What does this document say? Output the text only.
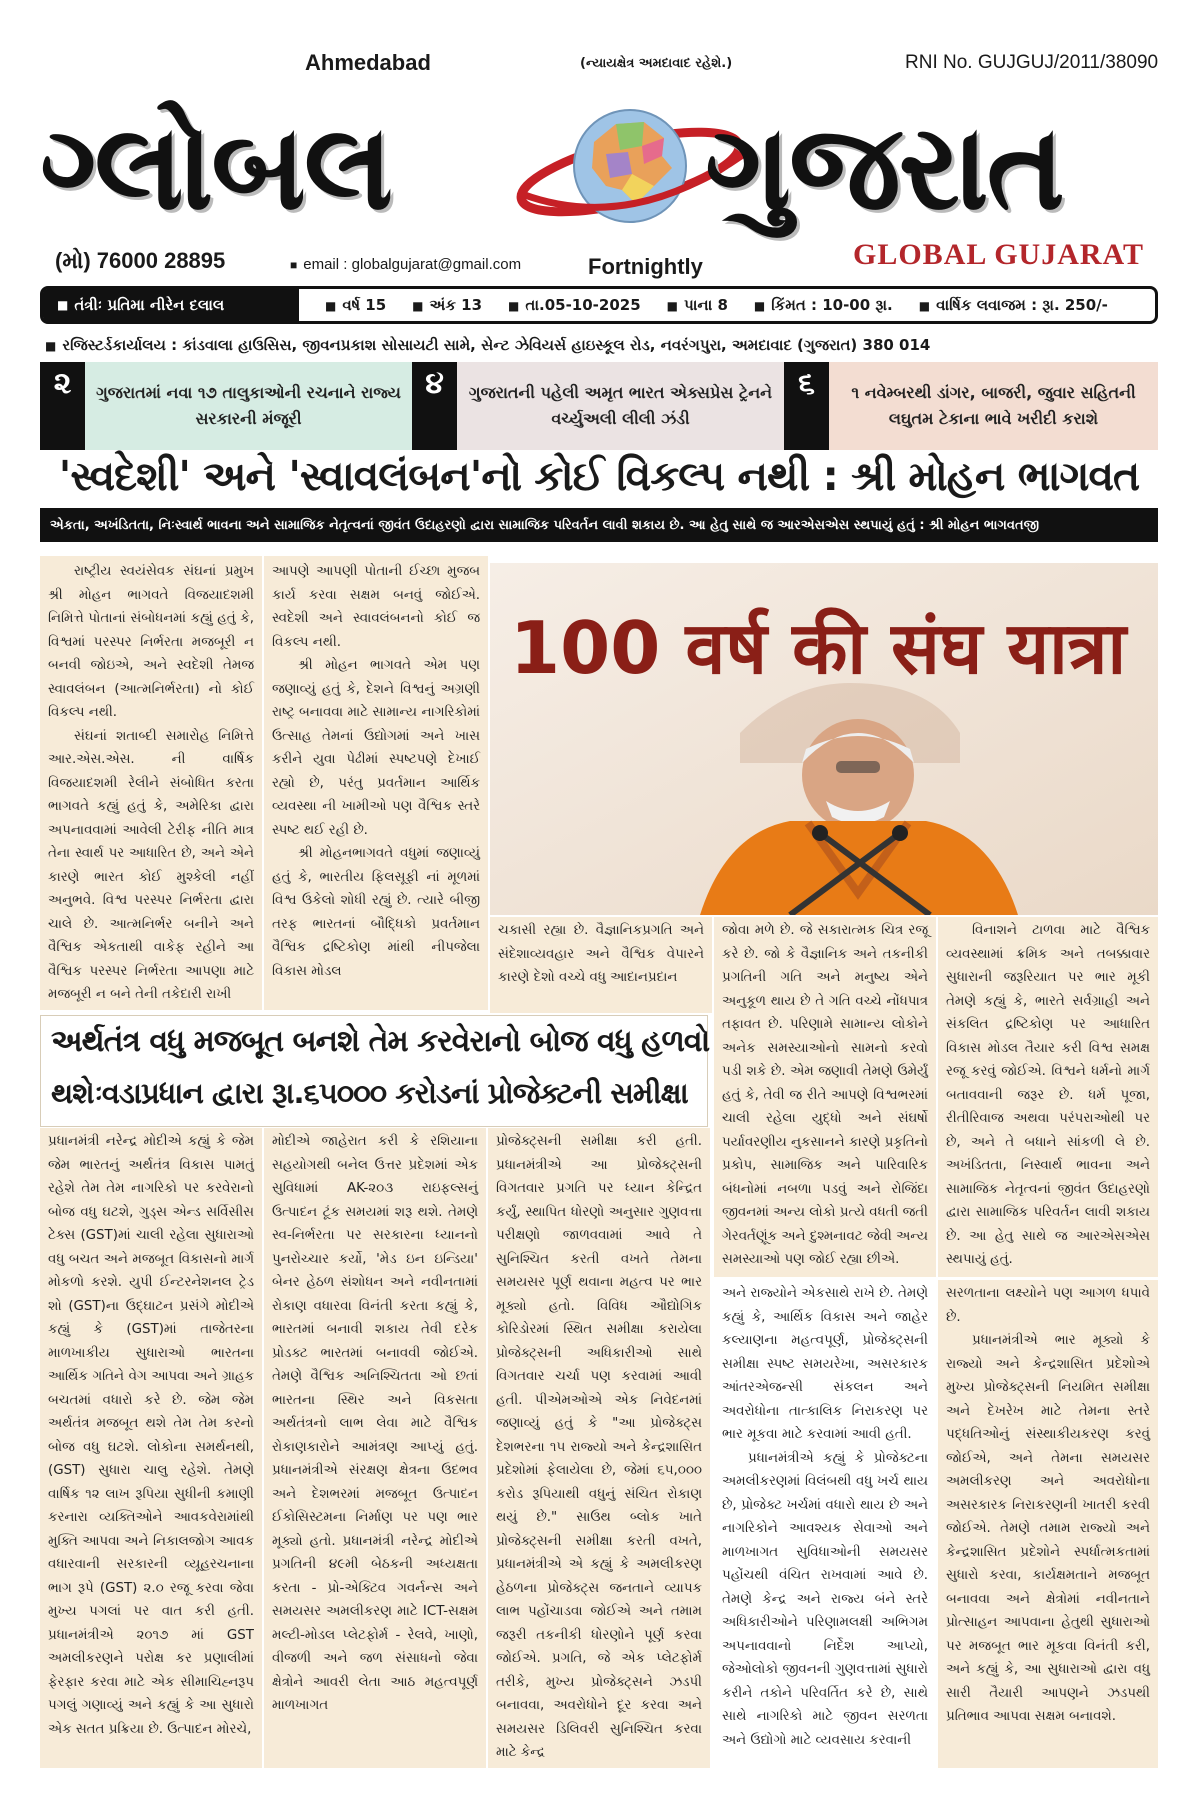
Ahmedabad	(ન્યાયક્ષેત્ર અમદાવાદ રહેશે.)	RNI No. GUJGUJ/2011/38090
ગ્લોબલ	ગુજરાત
GLOBAL GUJARAT
(મો) 76000 28895	■ email : globalgujarat@gmail.com	Fortnightly
■ તંત્રીઃ પ્રતિમા નીરેન દલાલ	■ વર્ષ 15	■ અંક 13	■ તા.05-10-2025	■ પાના 8	■ કિંમત : 10-00 રૂા.	■ વાર્ષિક લવાજમ : રૂા. 250/-
■ રજિસ્ટર્ડકાર્યાલય : કાંડવાલા હાઉસિસ, જીવનપ્રકાશ સોસાયટી સામે, સેન્ટ ઝેવિયર્સ હાઇસ્કૂલ રોડ, નવરંગપુરા, અમદાવાદ (ગુજરાત) 380 014
૨	ગુજરાતમાં નવા ૧૭ તાલુકાઓની રચનાને રાજ્ય સરકારની મંજૂરી
૪	ગુજરાતની પહેલી અમૃત ભારત એક્સપ્રેસ ટ્રેનને વર્ચ્યુઅલી લીલી ઝંડી
૬	૧ નવેમ્બરથી ડાંગર, બાજરી, જુવાર સહિતની લઘુતમ ટેકાના ભાવે ખરીદી કરાશે
'સ્વદેશી' અને 'સ્વાવલંબન'નો કોઈ વિકલ્પ નથી : શ્રી મોહન ભાગવત
એકતા, અખંડિતતા, નિઃસ્વાર્થ ભાવના અને સામાજિક નેતૃત્વનાં જીવંત ઉદાહરણો દ્વારા સામાજિક પરિવર્તન લાવી શકાય છે. આ હેતુ સાથે જ આરએસએસ સ્થપાયું હતું : શ્રી મોહન ભાગવતજી

રાષ્ટ્રીય સ્વયંસેવક સંઘનાં પ્રમુખ શ્રી મોહન ભાગવતે વિજયાદશમી નિમિત્તે પોતાનાં સંબોધનમાં કહ્યું હતું કે, વિશ્વમાં પરસ્પર નિર્ભરતા મજબૂરી ન બનવી જોઇએ, અને સ્વદેશી તેમજ સ્વાવલંબન (આત્મનિર્ભરતા) નો કોઈ વિકલ્પ નથી.

સંઘનાં શતાબ્દી સમારોહ નિમિત્તે આર.એસ.એસ. ની વાર્ષિક વિજયાદશમી રેલીને સંબોધિત કરતા ભાગવતે કહ્યું હતું કે, અમેરિકા દ્વારા અપનાવવામાં આવેલી ટેરીફ નીતિ માત્ર તેના સ્વાર્થ પર આધારિત છે, અને એને કારણે ભારત કોઈ મુશ્કેલી નહીં અનુભવે. વિશ્વ પરસ્પર નિર્ભરતા દ્વારા ચાલે છે. આત્મનિર્ભર બનીને અને વૈશ્વિક એકતાથી વાકેફ રહીને આ વૈશ્વિક પરસ્પર નિર્ભરતા આપણા માટે મજબૂરી ન બને તેની તકેદારી રાખી

આપણે આપણી પોતાની ઈચ્છા મુજબ કાર્ય કરવા સક્ષમ બનવું જોઈએ. સ્વદેશી અને સ્વાવલંબનનો કોઈ જ વિકલ્પ નથી.

શ્રી મોહન ભાગવતે એમ પણ જણાવ્યું હતું કે, દેશને વિશ્વનું અગ્રણી રાષ્ટ્ર બનાવવા માટે સામાન્ય નાગરિકોમાં ઉત્સાહ તેમનાં ઉદ્યોગમાં અને ખાસ કરીને યુવા પેઢીમાં સ્પષ્ટપણે દેખાઈ રહ્યો છે, પરંતુ પ્રવર્તમાન આર્થિક વ્યવસ્થા ની ખામીઓ પણ વૈશ્વિક સ્તરે સ્પષ્ટ થઈ રહી છે.

શ્રી મોહનભાગવતે વધુમાં જણાવ્યું હતું કે, ભારતીય ફિલસૂફી નાં મૂળમાં વિશ્વ ઉકેલો શોધી રહ્યું છે. ત્યારે બીજી તરફ ભારતનાં બૌદ્ધિકો પ્રવર્તમાન વૈશ્વિક દ્રષ્ટિકોણ માંથી નીપજેલા વિકાસ મોડલ

100 वर्ष की संघ यात्रा

ચકાસી રહ્યા છે. વૈજ્ઞાનિકપ્રગતિ અને સંદેશાવ્યવહાર અને વૈશ્વિક વેપારને કારણે દેશો વચ્ચે વધુ આદાનપ્રદાન

જોવા મળે છે. જે સકારાત્મક ચિત્ર રજૂ કરે છે. જો કે વૈજ્ઞાનિક અને તકનીકી પ્રગતિની ગતિ અને મનુષ્ય એને અનુકૂળ થાય છે તે ગતિ વચ્ચે નોંધપાત્ર તફાવત છે. પરિણામે સામાન્ય લોકોને અનેક સમસ્યાઓનો સામનો કરવો પડી શકે છે. એમ જણાવી તેમણે ઉમેર્યું હતું કે, તેવી જ રીતે આપણે વિશ્વભરમાં ચાલી રહેલા યુદ્ધો અને સંઘર્ષો પર્યાવરણીય નુકસાનને કારણે પ્રકૃતિનો પ્રકોપ, સામાજિક અને પારિવારિક બંધનોમાં નબળા પડવું અને રોજિંદા જીવનમાં અન્ય લોકો પ્રત્યે વધતી જતી ગેરવર્તણૂંક અને દુશ્મનાવટ જેવી અન્ય સમસ્યાઓ પણ જોઈ રહ્યા છીએ.

વિનાશને ટાળવા માટે વૈશ્વિક વ્યવસ્થામાં ક્રમિક અને તબક્કાવાર સુધારાની જરૂરિયાત પર ભાર મૂકી તેમણે કહ્યું કે, ભારતે સર્વગ્રાહી અને સંકલિત દ્રષ્ટિકોણ પર આધારિત વિકાસ મોડલ તૈયાર કરી વિશ્વ સમક્ષ રજૂ કરવું જોઈએ. વિશ્વને ધર્મનો માર્ગ બતાવવાની જરૂર છે. ધર્મ પૂજા, રીતીરિવાજ અથવા પરંપરાઓથી પર છે, અને તે બધાને સાંકળી લે છે. અખંડિતતા, નિસ્વાર્થ ભાવના અને સામાજિક નેતૃત્વનાં જીવંત ઉદાહરણો દ્વારા સામાજિક પરિવર્તન લાવી શકાય છે. આ હેતુ સાથે જ આરએસએસ સ્થપાયું હતું.

અર્થતંત્ર વધુ મજબૂત બનશે તેમ કરવેરાનો બોજ વધુ હળવો
થશેઃવડાપ્રધાન દ્વારા રૂા.૬૫૦૦૦ કરોડનાં પ્રોજેક્ટની સમીક્ષા

પ્રધાનમંત્રી નરેન્દ્ર મોદીએ કહ્યું કે જેમ જેમ ભારતનું અર્થતંત્ર વિકાસ પામતું રહેશે તેમ તેમ નાગરિકો પર કરવેરાનો બોજ વધુ ઘટશે, ગુડ્સ એન્ડ સર્વિસીસ ટેક્સ (GST)માં ચાલી રહેલા સુધારાઓ વધુ બચત અને મજબૂત વિકાસનો માર્ગ મોકળો કરશે. યુપી ઈન્ટરનેશનલ ટ્રેડ શો (GST)ના ઉદ્ઘાટન પ્રસંગે મોદીએ કહ્યું કે (GST)માં તાજેતરના માળખાકીય સુધારાઓ ભારતના આર્થિક ગતિને વેગ આપવા અને ગ્રાહક બચતમાં વધારો કરે છે. જેમ જેમ અર્થતંત્ર મજબૂત થશે તેમ તેમ કરનો બોજ વધુ ઘટશે. લોકોના સમર્થનથી, (GST) સુધારા ચાલુ રહેશે. તેમણે વાર્ષિક ૧૨ લાખ રૂપિયા સુધીની કમાણી કરનારા વ્યક્તિઓને આવકવેરામાંથી મુક્તિ આપવા અને નિકાલજોગ આવક વધારવાની સરકારની વ્યૂહરચનાના ભાગ રૂપે (GST) ૨.૦ રજૂ કરવા જેવા મુખ્ય પગલાં પર વાત કરી હતી. પ્રધાનમંત્રીએ ૨૦૧૭ માં GST અમલીકરણને પરોક્ષ કર પ્રણાલીમાં ફેરફાર કરવા માટે એક સીમાચિહ્નરૂપ પગલું ગણાવ્યું અને કહ્યું કે આ સુધારો એક સતત પ્રક્રિયા છે. ઉત્પાદન મોરચે,

મોદીએ જાહેરાત કરી કે રશિયાના સહયોગથી બનેલ ઉત્તર પ્રદેશમાં એક સુવિધામાં AK-૨૦૩ રાઇફલ્સનું ઉત્પાદન ટૂંક સમયમાં શરૂ થશે. તેમણે સ્વ-નિર્ભરતા પર સરકારના ધ્યાનનો પુનરોચ્ચાર કર્યો, 'મેડ ઇન ઇન્ડિયા' બેનર હેઠળ સંશોધન અને નવીનતામાં રોકાણ વધારવા વિનંતી કરતા કહ્યું કે, ભારતમાં બનાવી શકાય તેવી દરેક પ્રોડક્ટ ભારતમાં બનાવવી જોઈએ. તેમણે વૈશ્વિક અનિશ્ચિતતા ઓ છતાં ભારતના સ્થિર અને વિકસતા અર્થતંત્રનો લાભ લેવા માટે વૈશ્વિક રોકાણકારોને આમંત્રણ આપ્યું હતું. પ્રધાનમંત્રીએ સંરક્ષણ ક્ષેત્રના ઉદભવ અને દેશભરમાં મજબૂત ઉત્પાદન ઈકોસિસ્ટમના નિર્માણ પર પણ ભાર મૂક્યો હતો. પ્રધાનમંત્રી નરેન્દ્ર મોદીએ પ્રગતિની ૪૯મી બેઠકની અધ્યક્ષતા કરતા - પ્રો-એક્ટિવ ગવર્નન્સ અને સમયસર અમલીકરણ માટે ICT-સક્ષમ મલ્ટી-મોડલ પ્લેટફોર્મ - રેલવે, ખાણો, વીજળી અને જળ સંસાધનો જેવા ક્ષેત્રોને આવરી લેતા આઠ મહત્વપૂર્ણ માળખાગત

પ્રોજેક્ટ્સની સમીક્ષા કરી હતી. પ્રધાનમંત્રીએ આ પ્રોજેક્ટ્સની વિગતવાર પ્રગતિ પર ધ્યાન કેન્દ્રિત કર્યું, સ્થાપિત ધોરણો અનુસાર ગુણવત્તા પરીક્ષણો જાળવવામાં આવે તે સુનિશ્ચિત કરતી વખતે તેમના સમયસર પૂર્ણ થવાના મહત્વ પર ભાર મૂક્યો હતો. વિવિધ ઔદ્યોગિક કોરિડોરમાં સ્થિત સમીક્ષા કરાયેલા પ્રોજેક્ટ્સની અધિકારીઓ સાથે વિગતવાર ચર્ચા પણ કરવામાં આવી હતી. પીએમઓએ એક નિવેદનમાં જણાવ્યું હતું કે "આ પ્રોજેક્ટ્સ દેશભરના ૧૫ રાજ્યો અને કેન્દ્રશાસિત પ્રદેશોમાં ફેલાયેલા છે, જેમાં ૬૫,૦૦૦ કરોડ રૂપિયાથી વધુનું સંચિત રોકાણ થયું છે." સાઉથ બ્લોક ખાતે પ્રોજેક્ટ્સની સમીક્ષા કરતી વખતે, પ્રધાનમંત્રીએ એ કહ્યું કે અમલીકરણ હેઠળના પ્રોજેક્ટ્સ જનતાને વ્યાપક લાભ પહોંચાડવા જોઈએ અને તમામ જરૂરી તકનીકી ધોરણોને પૂર્ણ કરવા જોઈએ. પ્રગતિ, જે એક પ્લેટફોર્મ તરીકે, મુખ્ય પ્રોજેક્ટ્સને ઝડપી બનાવવા, અવરોધોને દૂર કરવા અને સમયસર ડિલિવરી સુનિશ્ચિત કરવા માટે કેન્દ્ર

અને રાજ્યોને એકસાથે રાખે છે. તેમણે કહ્યું કે, આર્થિક વિકાસ અને જાહેર કલ્યાણના મહત્વપૂર્ણ, પ્રોજેક્ટ્સની સમીક્ષા સ્પષ્ટ સમયરેખા, અસરકારક આંતરએજન્સી સંકલન અને અવરોધોના તાત્કાલિક નિરાકરણ પર ભાર મૂકવા માટે કરવામાં આવી હતી.

પ્રધાનમંત્રીએ કહ્યું કે પ્રોજેક્ટના અમલીકરણમાં વિલંબથી વધુ ખર્ચ થાય છે, પ્રોજેક્ટ ખર્ચમાં વધારો થાય છે અને નાગરિકોને આવશ્યક સેવાઓ અને માળખાગત સુવિધાઓની સમયસર પહોંચથી વંચિત રાખવામાં આવે છે. તેમણે કેન્દ્ર અને રાજ્ય બંને સ્તરે અધિકારીઓને પરિણામલક્ષી અભિગમ અપનાવવાનો નિર્દેશ આપ્યો, જેઓલોકો જીવનની ગુણવત્તામાં સુધારો કરીને તકોને પરિવર્તિત કરે છે, સાથે સાથે નાગરિકો માટે જીવન સરળતા અને ઉદ્યોગો માટે વ્યવસાય કરવાની

સરળતાના લક્ષ્યોને પણ આગળ ધપાવે છે.

પ્રધાનમંત્રીએ ભાર મૂક્યો કે રાજ્યો અને કેન્દ્રશાસિત પ્રદેશોએ મુખ્ય પ્રોજેક્ટ્સની નિયમિત સમીક્ષા અને દેખરેખ માટે તેમના સ્તરે પદ્ધતિઓનું સંસ્થાકીયકરણ કરવું જોઈએ, અને તેમના સમયસર અમલીકરણ અને અવરોધોના અસરકારક નિરાકરણની ખાતરી કરવી જોઈએ. તેમણે તમામ રાજ્યો અને કેન્દ્રશાસિત પ્રદેશોને સ્પર્ધાત્મકતામાં સુધારો કરવા, કાર્યક્ષમતાને મજબૂત બનાવવા અને ક્ષેત્રોમાં નવીનતાને પ્રોત્સાહન આપવાના હેતુથી સુધારાઓ પર મજબૂત ભાર મૂકવા વિનંતી કરી, અને કહ્યું કે, આ સુધારાઓ દ્વારા વધુ સારી તૈયારી આપણને ઝડપથી પ્રતિભાવ આપવા સક્ષમ બનાવશે.
